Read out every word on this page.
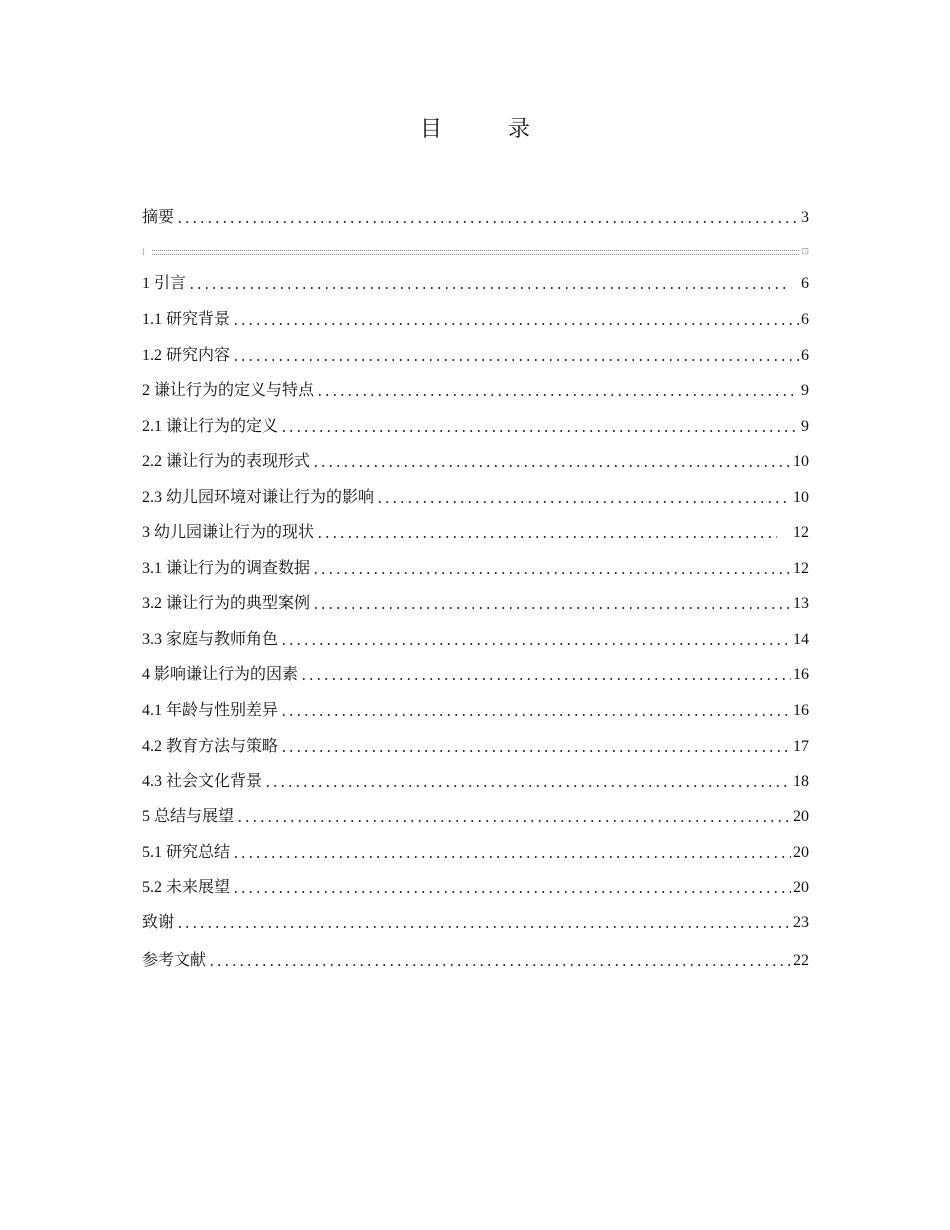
目　录
⁞	⊡
摘要	3
1 引言	6
1.1 研究背景	6
1.2 研究内容	6
2 谦让行为的定义与特点	9
2.1 谦让行为的定义	9
2.2 谦让行为的表现形式	10
2.3 幼儿园环境对谦让行为的影响	10
3 幼儿园谦让行为的现状	12
3.1 谦让行为的调查数据	12
3.2 谦让行为的典型案例	13
3.3 家庭与教师角色	14
4 影响谦让行为的因素	16
4.1 年龄与性别差异	16
4.2 教育方法与策略	17
4.3 社会文化背景	18
5 总结与展望	20
5.1 研究总结	20
5.2 未来展望	20
致谢	23
参考文献	22
